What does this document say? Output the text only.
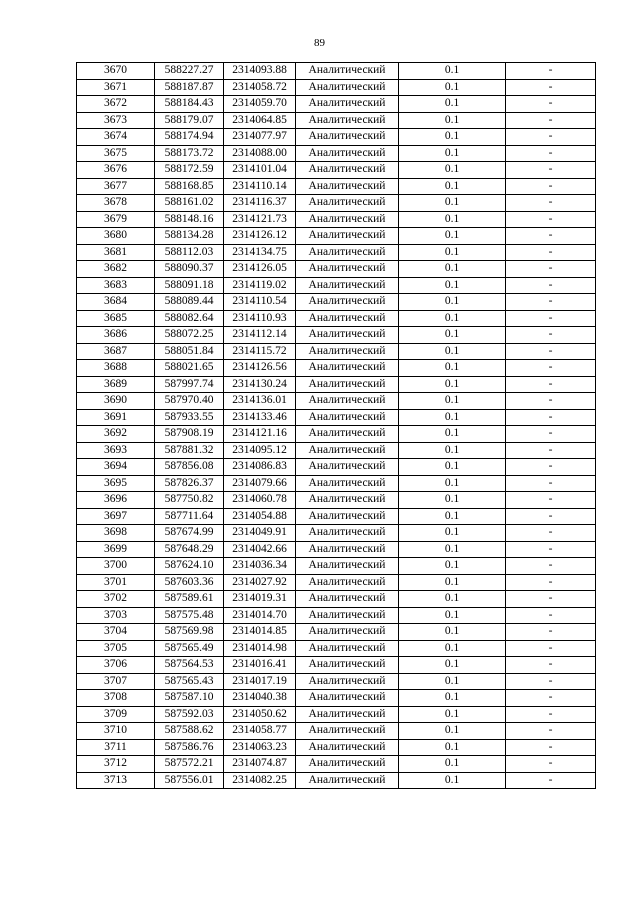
89
3670	588227.27	2314093.88	Аналитический	0.1	-
3671	588187.87	2314058.72	Аналитический	0.1	-
3672	588184.43	2314059.70	Аналитический	0.1	-
3673	588179.07	2314064.85	Аналитический	0.1	-
3674	588174.94	2314077.97	Аналитический	0.1	-
3675	588173.72	2314088.00	Аналитический	0.1	-
3676	588172.59	2314101.04	Аналитический	0.1	-
3677	588168.85	2314110.14	Аналитический	0.1	-
3678	588161.02	2314116.37	Аналитический	0.1	-
3679	588148.16	2314121.73	Аналитический	0.1	-
3680	588134.28	2314126.12	Аналитический	0.1	-
3681	588112.03	2314134.75	Аналитический	0.1	-
3682	588090.37	2314126.05	Аналитический	0.1	-
3683	588091.18	2314119.02	Аналитический	0.1	-
3684	588089.44	2314110.54	Аналитический	0.1	-
3685	588082.64	2314110.93	Аналитический	0.1	-
3686	588072.25	2314112.14	Аналитический	0.1	-
3687	588051.84	2314115.72	Аналитический	0.1	-
3688	588021.65	2314126.56	Аналитический	0.1	-
3689	587997.74	2314130.24	Аналитический	0.1	-
3690	587970.40	2314136.01	Аналитический	0.1	-
3691	587933.55	2314133.46	Аналитический	0.1	-
3692	587908.19	2314121.16	Аналитический	0.1	-
3693	587881.32	2314095.12	Аналитический	0.1	-
3694	587856.08	2314086.83	Аналитический	0.1	-
3695	587826.37	2314079.66	Аналитический	0.1	-
3696	587750.82	2314060.78	Аналитический	0.1	-
3697	587711.64	2314054.88	Аналитический	0.1	-
3698	587674.99	2314049.91	Аналитический	0.1	-
3699	587648.29	2314042.66	Аналитический	0.1	-
3700	587624.10	2314036.34	Аналитический	0.1	-
3701	587603.36	2314027.92	Аналитический	0.1	-
3702	587589.61	2314019.31	Аналитический	0.1	-
3703	587575.48	2314014.70	Аналитический	0.1	-
3704	587569.98	2314014.85	Аналитический	0.1	-
3705	587565.49	2314014.98	Аналитический	0.1	-
3706	587564.53	2314016.41	Аналитический	0.1	-
3707	587565.43	2314017.19	Аналитический	0.1	-
3708	587587.10	2314040.38	Аналитический	0.1	-
3709	587592.03	2314050.62	Аналитический	0.1	-
3710	587588.62	2314058.77	Аналитический	0.1	-
3711	587586.76	2314063.23	Аналитический	0.1	-
3712	587572.21	2314074.87	Аналитический	0.1	-
3713	587556.01	2314082.25	Аналитический	0.1	-
